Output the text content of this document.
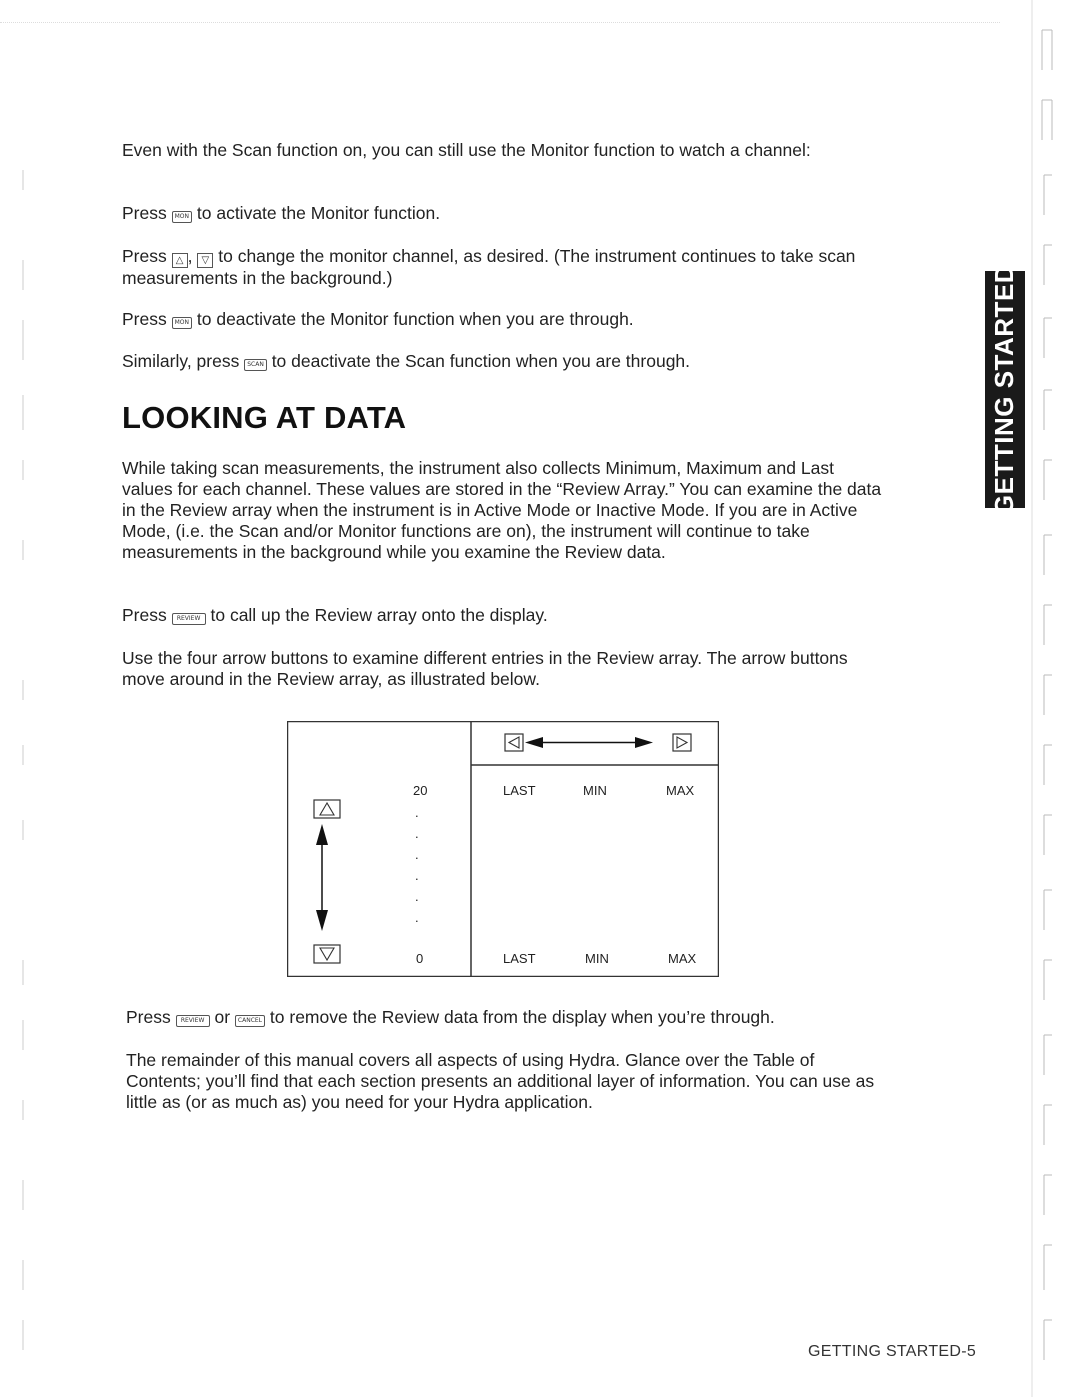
Even with the Scan function on, you can still use the Monitor function to watch a channel:

Press MON to activate the Monitor function.

Press △ , ▽ to change the monitor channel, as desired. (The instrument continues to take scan measurements in the background.)

Press MON to deactivate the Monitor function when you are through.

Similarly, press SCAN to deactivate the Scan function when you are through.

LOOKING AT DATA

While taking scan measurements, the instrument also collects Minimum, Maximum and Last values for each channel. These values are stored in the “Review Array.” You can examine the data in the Review array when the instrument is in Active Mode or Inactive Mode. If you are in Active Mode, (i.e. the Scan and/or Monitor functions are on), the instrument will continue to take measurements in the background while you examine the Review data.

Press REVIEW to call up the Review array onto the display.

Use the four arrow buttons to examine different entries in the Review array. The arrow buttons move around in the Review array, as illustrated below.

20
.
.
.
.
.
.
0
LAST	MIN	MAX
LAST	MIN	MAX

Press REVIEW or CANCEL to remove the Review data from the display when you’re through.

The remainder of this manual covers all aspects of using Hydra. Glance over the Table of Contents; you’ll find that each section presents an additional layer of information. You can use as little as (or as much as) you need for your Hydra application.

GETTING STARTED
GETTING STARTED-5
